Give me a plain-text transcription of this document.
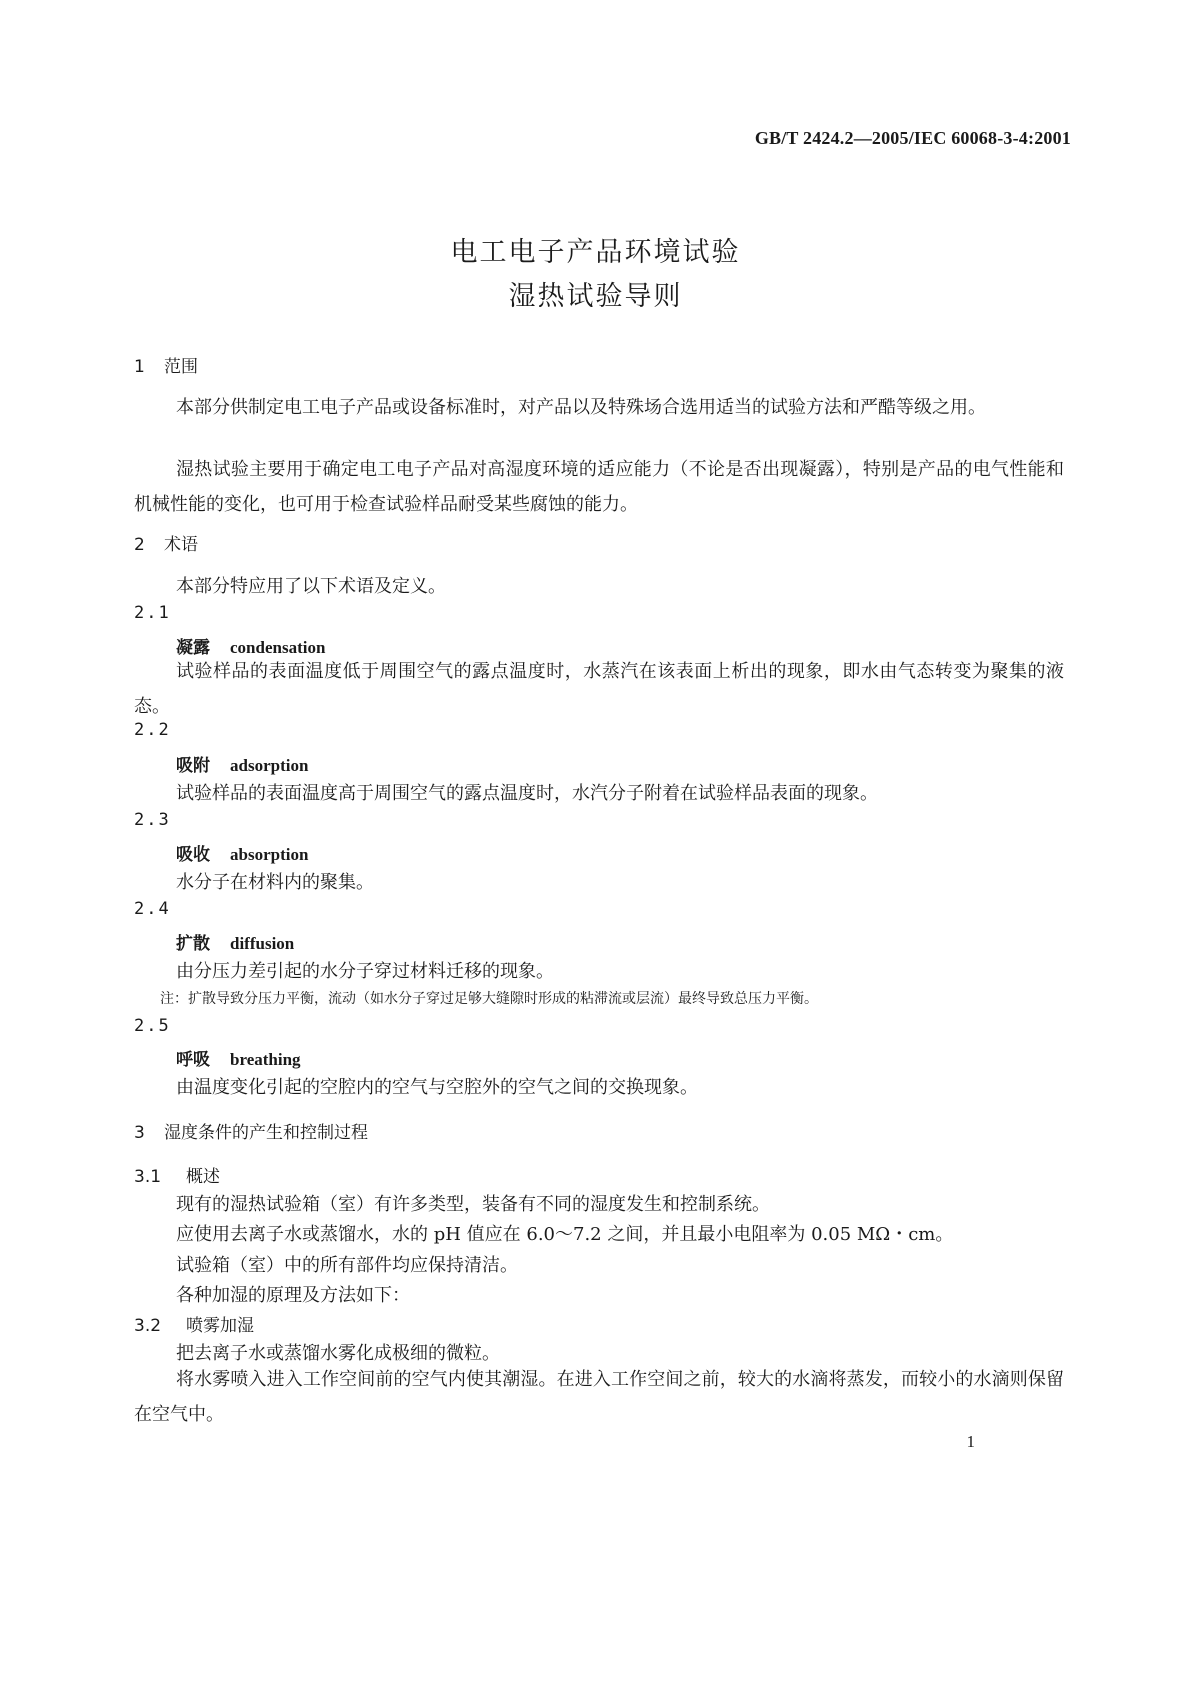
GB/T 2424.2—2005/IEC 60068-3-4:2001
电工电子产品环境试验
湿热试验导则
1 范围
本部分供制定电工电子产品或设备标准时，对产品以及特殊场合选用适当的试验方法和严酷等级之用。
湿热试验主要用于确定电工电子产品对高湿度环境的适应能力（不论是否出现凝露），特别是产品的电气性能和机械性能的变化，也可用于检查试验样品耐受某些腐蚀的能力。
2 术语
本部分特应用了以下术语及定义。
2.1
凝露 condensation
试验样品的表面温度低于周围空气的露点温度时，水蒸汽在该表面上析出的现象，即水由气态转变为聚集的液态。
2.2
吸附 adsorption
试验样品的表面温度高于周围空气的露点温度时，水汽分子附着在试验样品表面的现象。
2.3
吸收 absorption
水分子在材料内的聚集。
2.4
扩散 diffusion
由分压力差引起的水分子穿过材料迁移的现象。
注：扩散导致分压力平衡，流动（如水分子穿过足够大缝隙时形成的粘滞流或层流）最终导致总压力平衡。
2.5
呼吸 breathing
由温度变化引起的空腔内的空气与空腔外的空气之间的交换现象。
3 湿度条件的产生和控制过程
3.1 概述
现有的湿热试验箱（室）有许多类型，装备有不同的湿度发生和控制系统。
应使用去离子水或蒸馏水，水的 pH 值应在 6.0～7.2 之间，并且最小电阻率为 0.05 MΩ・cm。
试验箱（室）中的所有部件均应保持清洁。
各种加湿的原理及方法如下：
3.2 喷雾加湿
把去离子水或蒸馏水雾化成极细的微粒。
将水雾喷入进入工作空间前的空气内使其潮湿。在进入工作空间之前，较大的水滴将蒸发，而较小的水滴则保留在空气中。
1
